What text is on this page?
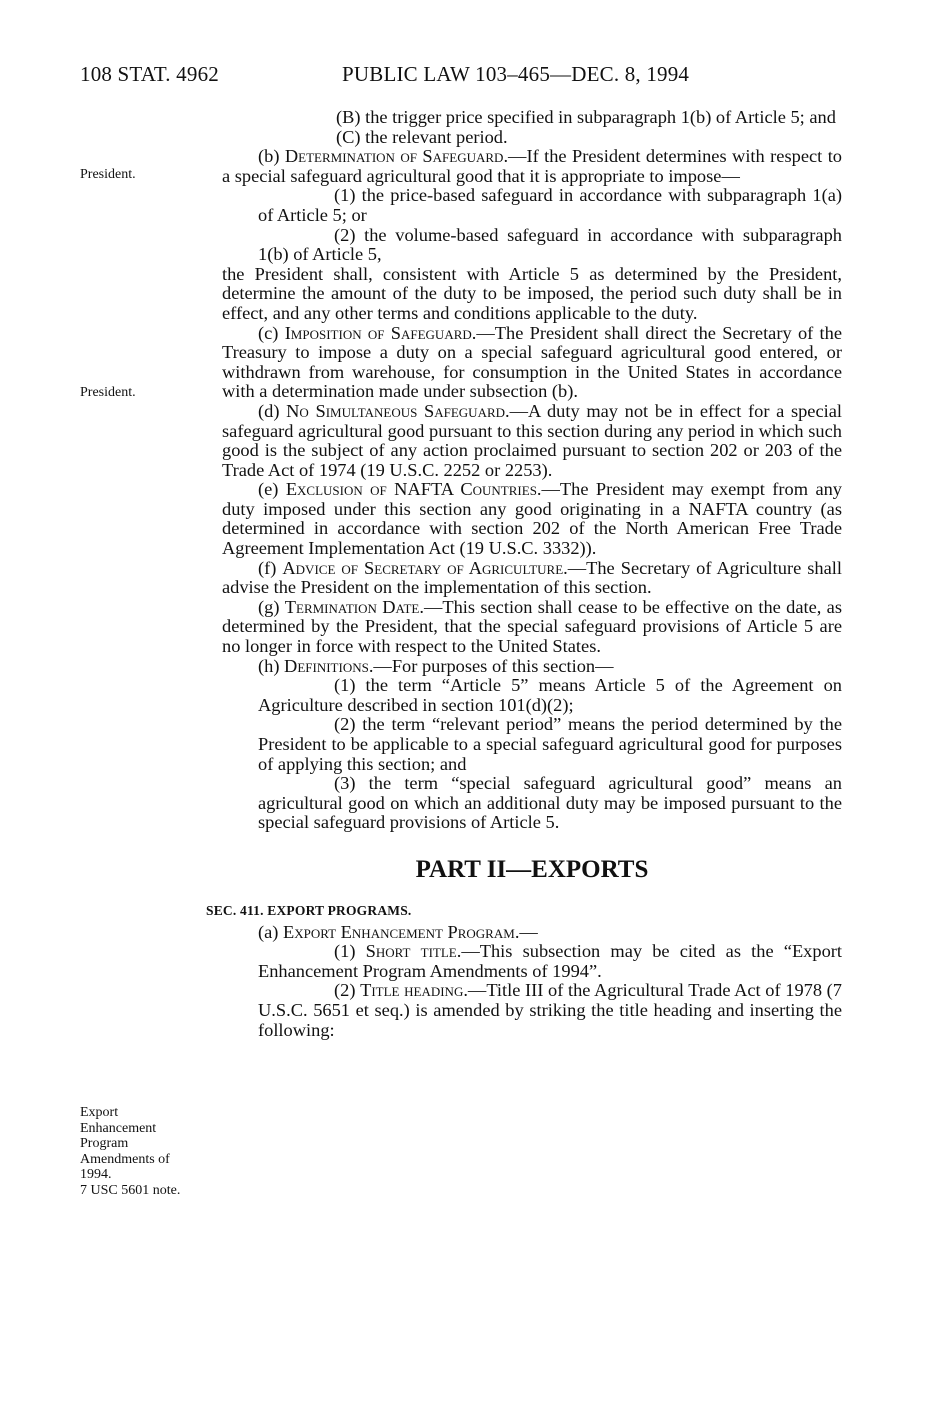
108 STAT. 4962	PUBLIC LAW 103–465—DEC. 8, 1994
President.
President.
Export
Enhancement
Program
Amendments of
1994.
7 USC 5601 note.

(B) the trigger price specified in subparagraph 1(b) of Article 5; and

(C) the relevant period.

(b) Determination of Safeguard.—If the President determines with respect to a special safeguard agricultural good that it is appropriate to impose—

(1) the price-based safeguard in accordance with subparagraph 1(a) of Article 5; or

(2) the volume-based safeguard in accordance with subparagraph 1(b) of Article 5,

the President shall, consistent with Article 5 as determined by the President, determine the amount of the duty to be imposed, the period such duty shall be in effect, and any other terms and conditions applicable to the duty.

(c) Imposition of Safeguard.—The President shall direct the Secretary of the Treasury to impose a duty on a special safeguard agricultural good entered, or withdrawn from warehouse, for consumption in the United States in accordance with a determination made under subsection (b).

(d) No Simultaneous Safeguard.—A duty may not be in effect for a special safeguard agricultural good pursuant to this section during any period in which such good is the subject of any action proclaimed pursuant to section 202 or 203 of the Trade Act of 1974 (19 U.S.C. 2252 or 2253).

(e) Exclusion of NAFTA Countries.—The President may exempt from any duty imposed under this section any good originating in a NAFTA country (as determined in accordance with section 202 of the North American Free Trade Agreement Implementation Act (19 U.S.C. 3332)).

(f) Advice of Secretary of Agriculture.—The Secretary of Agriculture shall advise the President on the implementation of this section.

(g) Termination Date.—This section shall cease to be effective on the date, as determined by the President, that the special safeguard provisions of Article 5 are no longer in force with respect to the United States.

(h) Definitions.—For purposes of this section—

(1) the term “Article 5” means Article 5 of the Agreement on Agriculture described in section 101(d)(2);

(2) the term “relevant period” means the period determined by the President to be applicable to a special safeguard agricultural good for purposes of applying this section; and

(3) the term “special safeguard agricultural good” means an agricultural good on which an additional duty may be imposed pursuant to the special safeguard provisions of Article 5.

PART II—EXPORTS
SEC. 411. EXPORT PROGRAMS.

(a) Export Enhancement Program.—

(1) Short title.—This subsection may be cited as the “Export Enhancement Program Amendments of 1994”.

(2) Title heading.—Title III of the Agricultural Trade Act of 1978 (7 U.S.C. 5651 et seq.) is amended by striking the title heading and inserting the following:
